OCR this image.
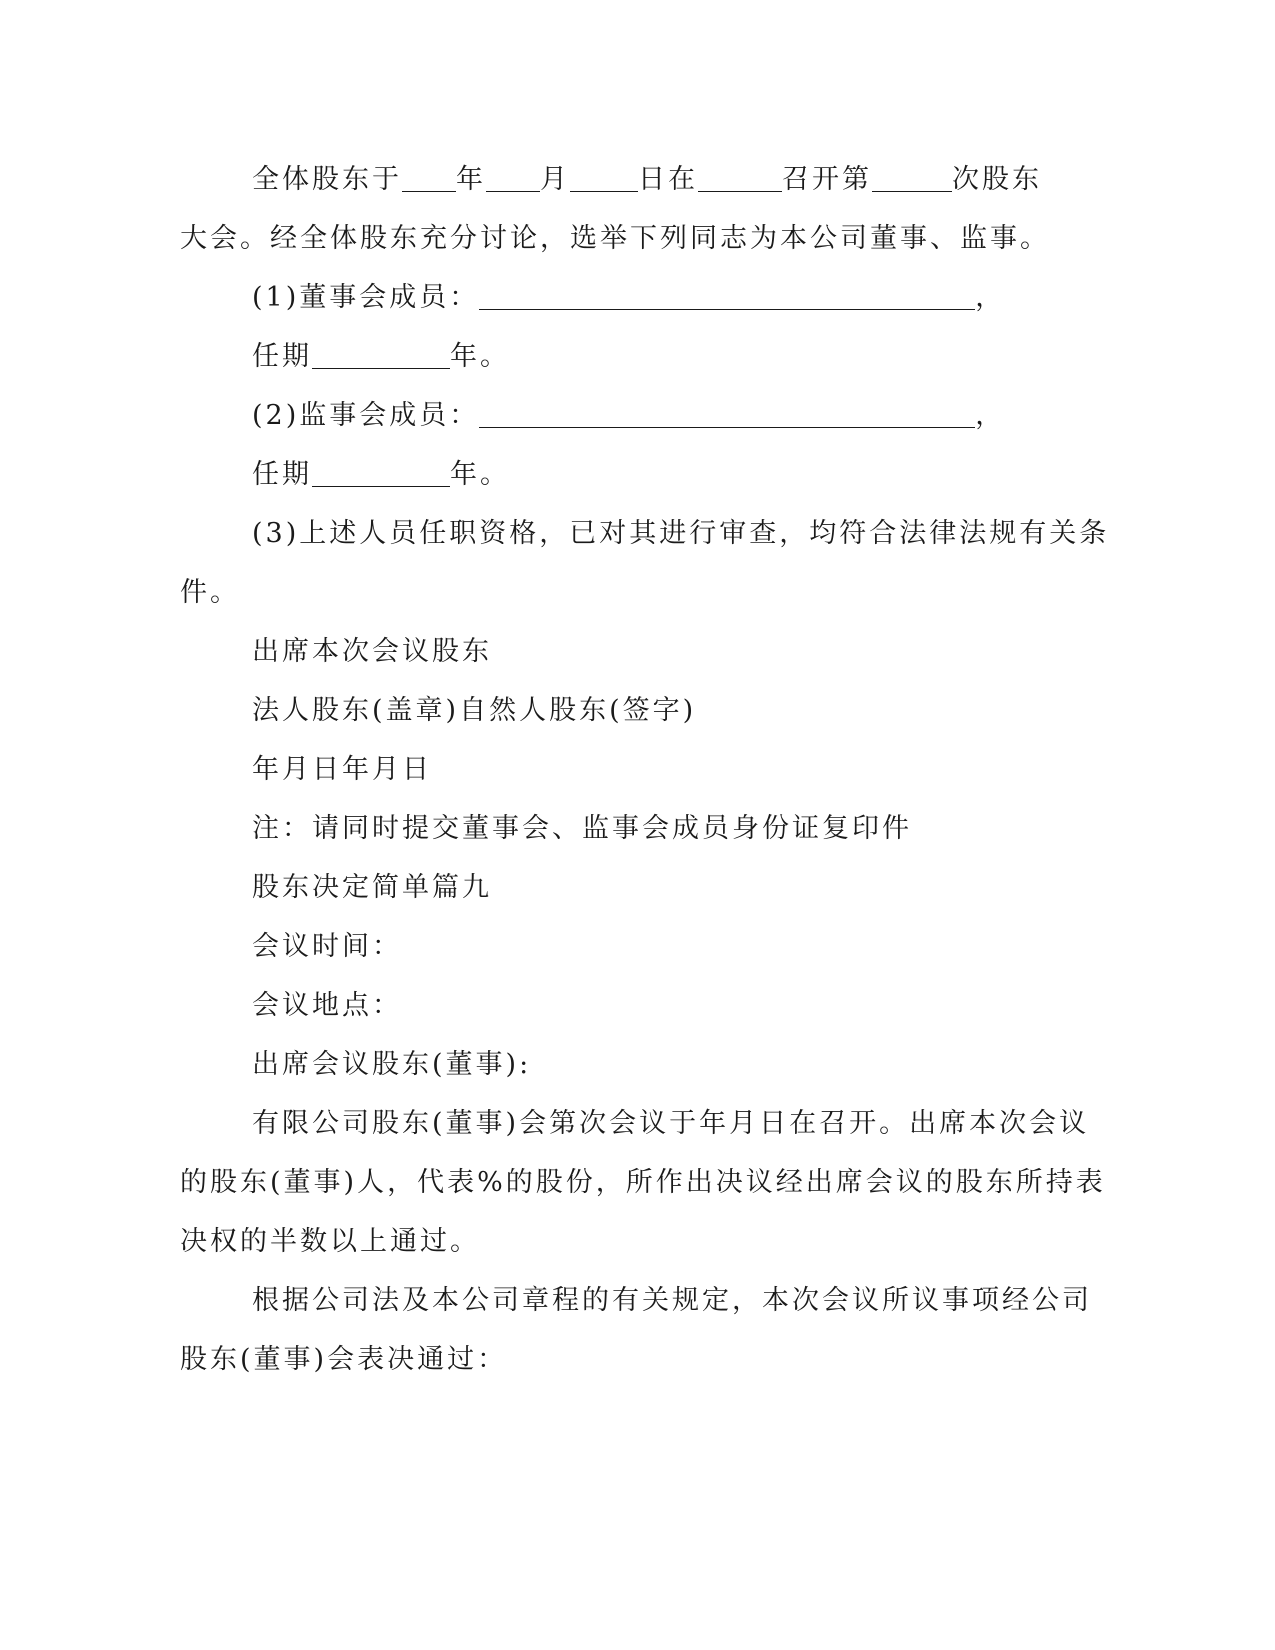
全体股东于 年 月	日在	召开第	次股东
大会。经全体股东充分讨论，选举下列同志为本公司董事、监事。
(1)董事会成员：	，
任期	年。
(2)监事会成员：	，
任期	年。
(3)上述人员任职资格，已对其进行审查，均符合法律法规有关条
件。
出席本次会议股东
法人股东(盖章)自然人股东(签字)
年月日年月日
注：请同时提交董事会、监事会成员身份证复印件
股东决定简单篇九
会议时间：
会议地点：
出席会议股东(董事):
有限公司股东(董事)会第次会议于年月日在召开。出席本次会议
的股东(董事)人，代表%的股份，所作出决议经出席会议的股东所持表
决权的半数以上通过。
根据公司法及本公司章程的有关规定，本次会议所议事项经公司
股东(董事)会表决通过：
